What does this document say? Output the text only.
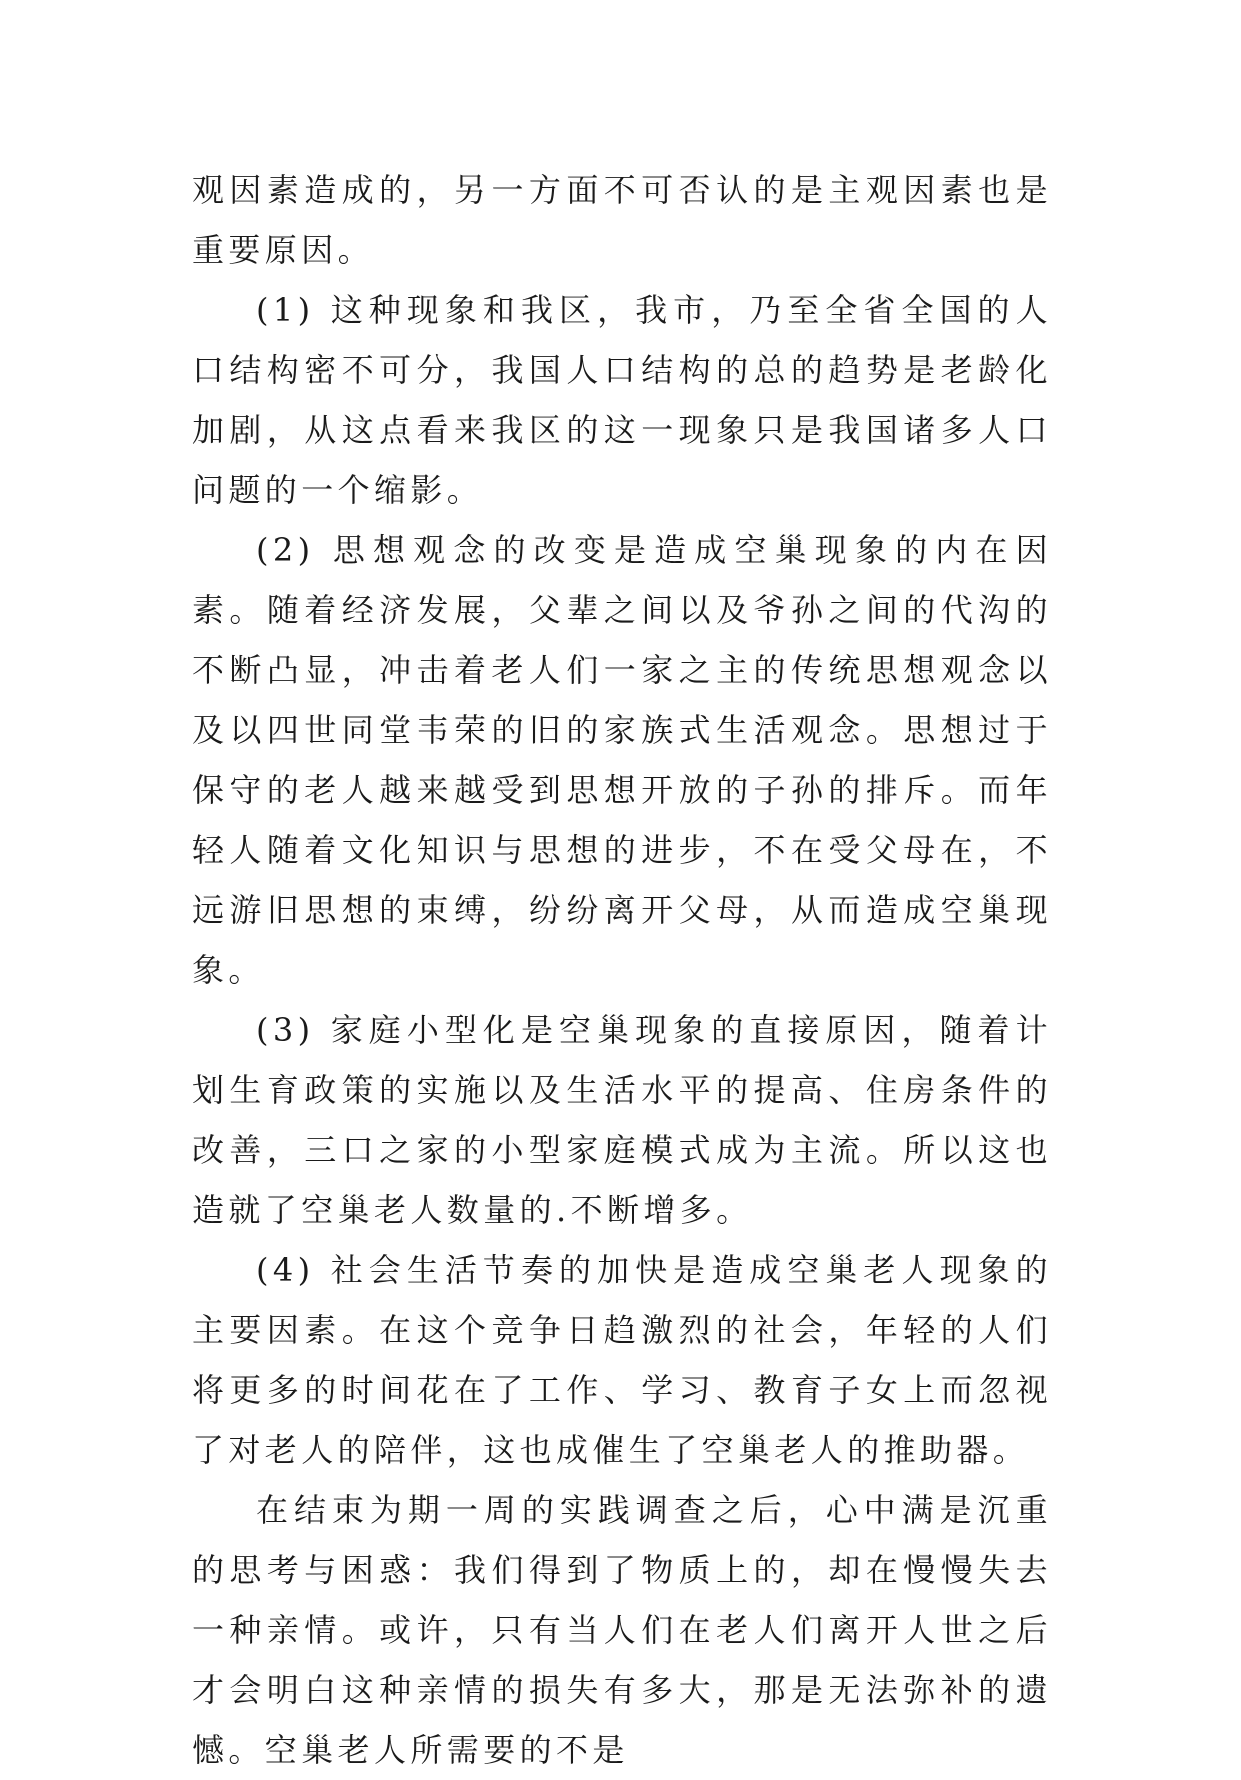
观因素造成的，另一方面不可否认的是主观因素也是重要原因。

(1) 这种现象和我区，我市，乃至全省全国的人口结构密不可分，我国人口结构的总的趋势是老龄化加剧，从这点看来我区的这一现象只是我国诸多人口问题的一个缩影。

(2) 思想观念的改变是造成空巢现象的内在因素。随着经济发展，父辈之间以及爷孙之间的代沟的不断凸显，冲击着老人们一家之主的传统思想观念以及以四世同堂韦荣的旧的家族式生活观念。思想过于保守的老人越来越受到思想开放的子孙的排斥。而年轻人随着文化知识与思想的进步，不在受父母在，不远游旧思想的束缚，纷纷离开父母，从而造成空巢现象。

(3) 家庭小型化是空巢现象的直接原因，随着计划生育政策的实施以及生活水平的提高、住房条件的改善，三口之家的小型家庭模式成为主流。所以这也造就了空巢老人数量的.不断增多。

(4) 社会生活节奏的加快是造成空巢老人现象的主要因素。在这个竞争日趋激烈的社会，年轻的人们将更多的时间花在了工作、学习、教育子女上而忽视了对老人的陪伴，这也成催生了空巢老人的推助器。

在结束为期一周的实践调查之后，心中满是沉重的思考与困惑：我们得到了物质上的，却在慢慢失去一种亲情。或许，只有当人们在老人们离开人世之后才会明白这种亲情的损失有多大，那是无法弥补的遗憾。空巢老人所需要的不是
